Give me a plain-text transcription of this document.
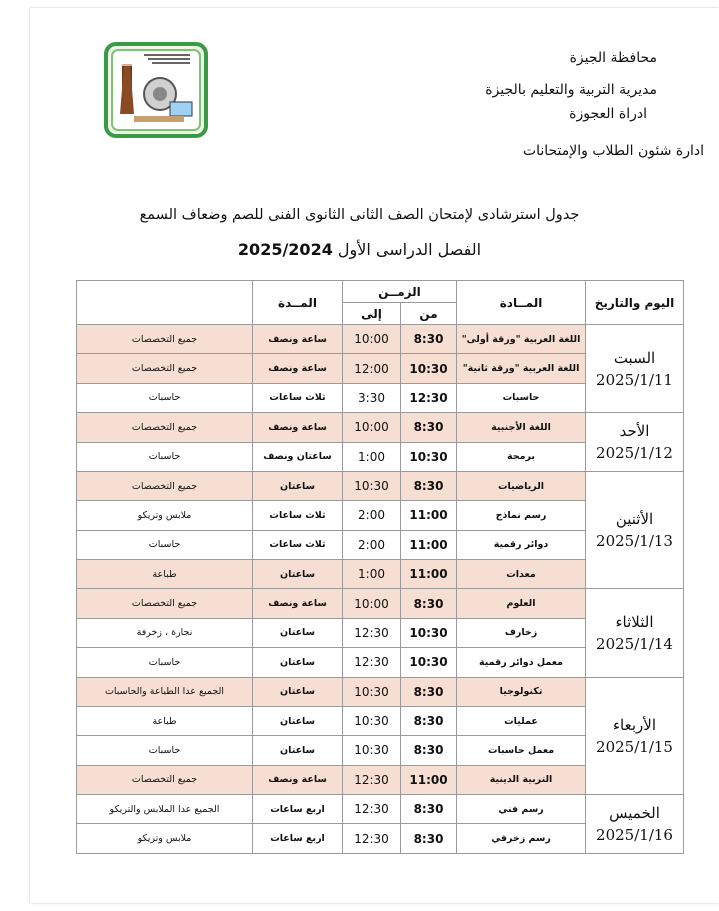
محافظة الجيزة
مديرية التربية والتعليم بالجيزة
ادراة العجوزة
ادارة شئون الطلاب والإمتحانات
جدول استرشادى لإمتحان الصف الثانى الثانوى الفنى للصم وضعاف السمع
الفصل الدراسى الأول 2025/2024
اليوم والتاريخ	المــادة	الزمــن		المــدة	
		من	إلى		

السبت
2025/1/11	اللغة العربية "ورقة أولى"	8:30	10:00	ساعة ونصف	جميع التخصصات
	اللغة العربية "ورقة ثانية"	10:30	12:00	ساعة ونصف	جميع التخصصات
	حاسبات	12:30	3:30	ثلاث ساعات	حاسبات

الأحد
2025/1/12	اللغة الأجنبية	8:30	10:00	ساعة ونصف	جميع التخصصات
	برمجة	10:30	1:00	ساعتان ونصف	حاسبات

الأثنين
2025/1/13	الرياضيات	8:30	10:30	ساعتان	جميع التخصصات
	رسم نماذج	11:00	2:00	ثلاث ساعات	ملابس وتريكو
	دوائر رقمية	11:00	2:00	ثلاث ساعات	حاسبات
	معدات	11:00	1:00	ساعتان	طباعة

الثلاثاء
2025/1/14	العلوم	8:30	10:00	ساعة ونصف	جميع التخصصات
	زخارف	10:30	12:30	ساعتان	نجارة ، زخرفة
	معمل دوائر رقمية	10:30	12:30	ساعتان	حاسبات

الأربعاء
2025/1/15	تكنولوجيا	8:30	10:30	ساعتان	الجميع عدا الطباعة والحاسبات
	عمليات	8:30	10:30	ساعتان	طباعة
	معمل حاسبات	8:30	10:30	ساعتان	حاسبات
	التربية الدينية	11:00	12:30	ساعة ونصف	جميع التخصصات

الخميس
2025/1/16	رسم فني	8:30	12:30	اربع ساعات	الجميع عدا الملابس والتريكو
	رسم زخرفي	8:30	12:30	اربع ساعات	ملابس وتريكو
